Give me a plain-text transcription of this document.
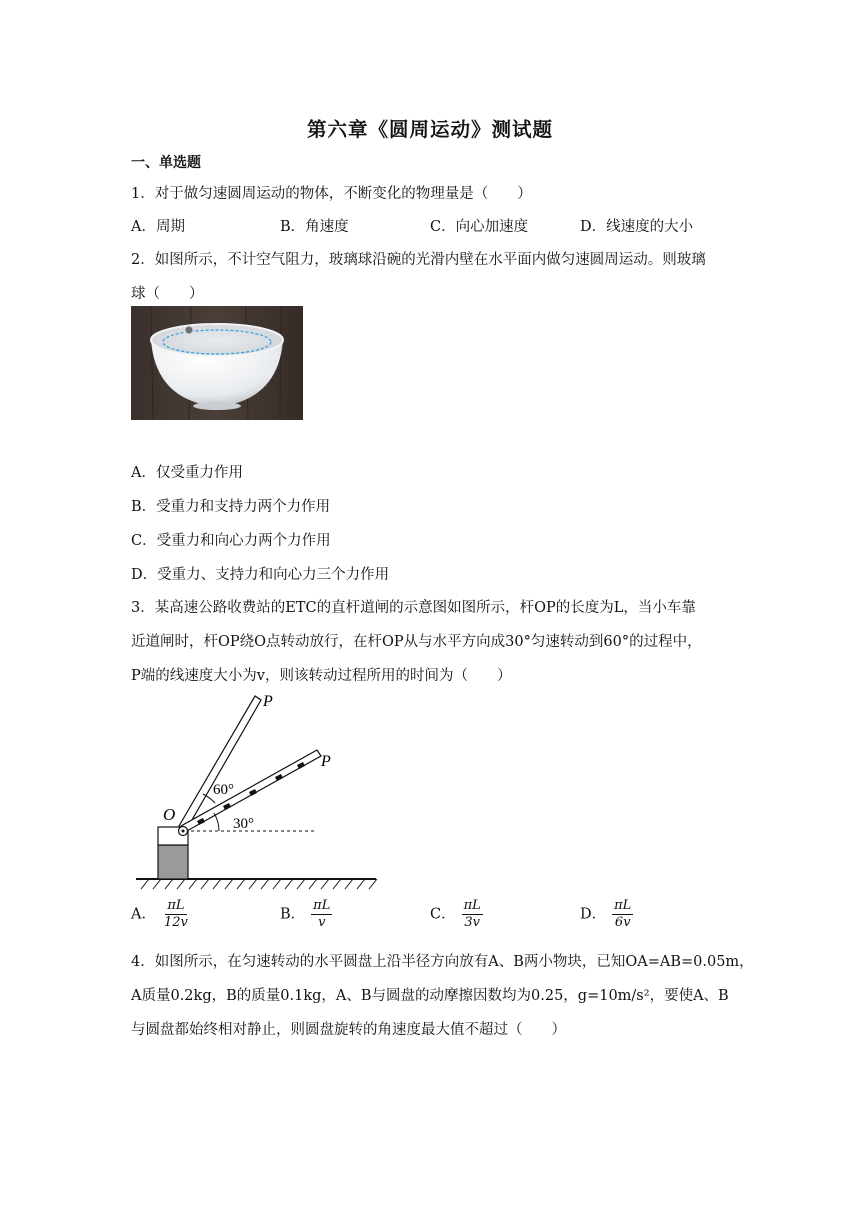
第六章《圆周运动》测试题
一、单选题
1．对于做匀速圆周运动的物体，不断变化的物理量是（　　）
A．周期	B．角速度	C．向心加速度	D．线速度的大小
2．如图所示，不计空气阻力，玻璃球沿碗的光滑内壁在水平面内做匀速圆周运动。则玻璃
球（　　）
A．仅受重力作用
B．受重力和支持力两个力作用
C．受重力和向心力两个力作用
D．受重力、支持力和向心力三个力作用
3．某高速公路收费站的ETC的直杆道闸的示意图如图所示，杆OP的长度为L，当小车靠
近道闸时，杆OP绕O点转动放行，在杆OP从与水平方向成30°匀速转动到60°的过程中，
P端的线速度大小为v，则该转动过程所用的时间为（　　）
P
P
O
60°
30°
A． $\frac{\pi L}{12v}$	B． $\frac{\pi L}{v}$	C． $\frac{\pi L}{3v}$	D． $\frac{\pi L}{6v}$
4．如图所示，在匀速转动的水平圆盘上沿半径方向放有A、B两小物块，已知OA=AB=0.05m，
A质量0.2kg，B的质量0.1kg，A、B与圆盘的动摩擦因数均为0.25，g=10m/s²，要使A、B
与圆盘都始终相对静止，则圆盘旋转的角速度最大值不超过（　　）
